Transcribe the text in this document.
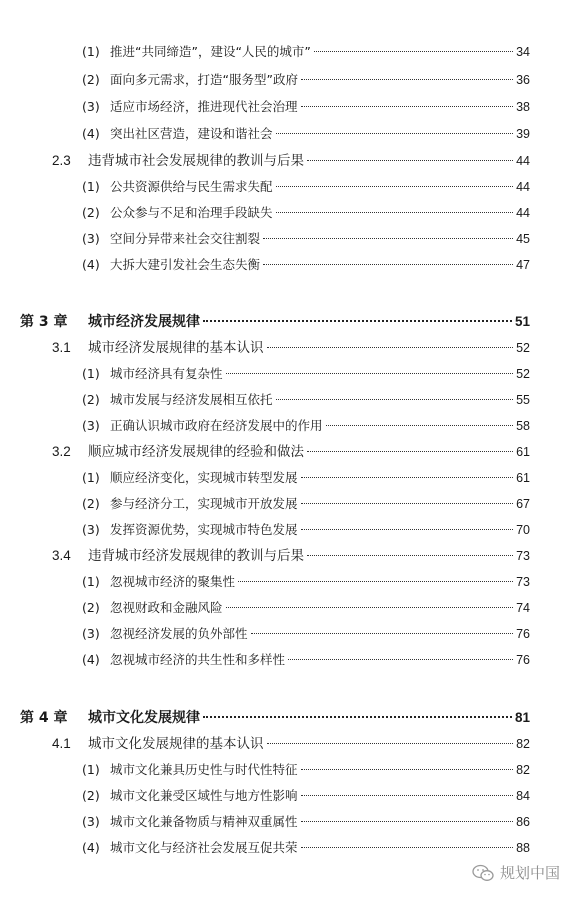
(1) 推进“共同缔造”，建设“人民的城市”	34
(2) 面向多元需求，打造“服务型”政府	36
(3) 适应市场经济，推进现代社会治理	38
(4) 突出社区营造，建设和谐社会	39
2.3	违背城市社会发展规律的教训与后果	44
(1) 公共资源供给与民生需求失配	44
(2) 公众参与不足和治理手段缺失	44
(3) 空间分异带来社会交往割裂	45
(4) 大拆大建引发社会生态失衡	47
第 3 章	城市经济发展规律	51
3.1	城市经济发展规律的基本认识	52
(1) 城市经济具有复杂性	52
(2) 城市发展与经济发展相互依托	55
(3) 正确认识城市政府在经济发展中的作用	58
3.2	顺应城市经济发展规律的经验和做法	61
(1) 顺应经济变化，实现城市转型发展	61
(2) 参与经济分工，实现城市开放发展	67
(3) 发挥资源优势，实现城市特色发展	70
3.4	违背城市经济发展规律的教训与后果	73
(1) 忽视城市经济的聚集性	73
(2) 忽视财政和金融风险	74
(3) 忽视经济发展的负外部性	76
(4) 忽视城市经济的共生性和多样性	76
第 4 章	城市文化发展规律	81
4.1	城市文化发展规律的基本认识	82
(1) 城市文化兼具历史性与时代性特征	82
(2) 城市文化兼受区域性与地方性影响	84
(3) 城市文化兼备物质与精神双重属性	86
(4) 城市文化与经济社会发展互促共荣	88
规划中国
